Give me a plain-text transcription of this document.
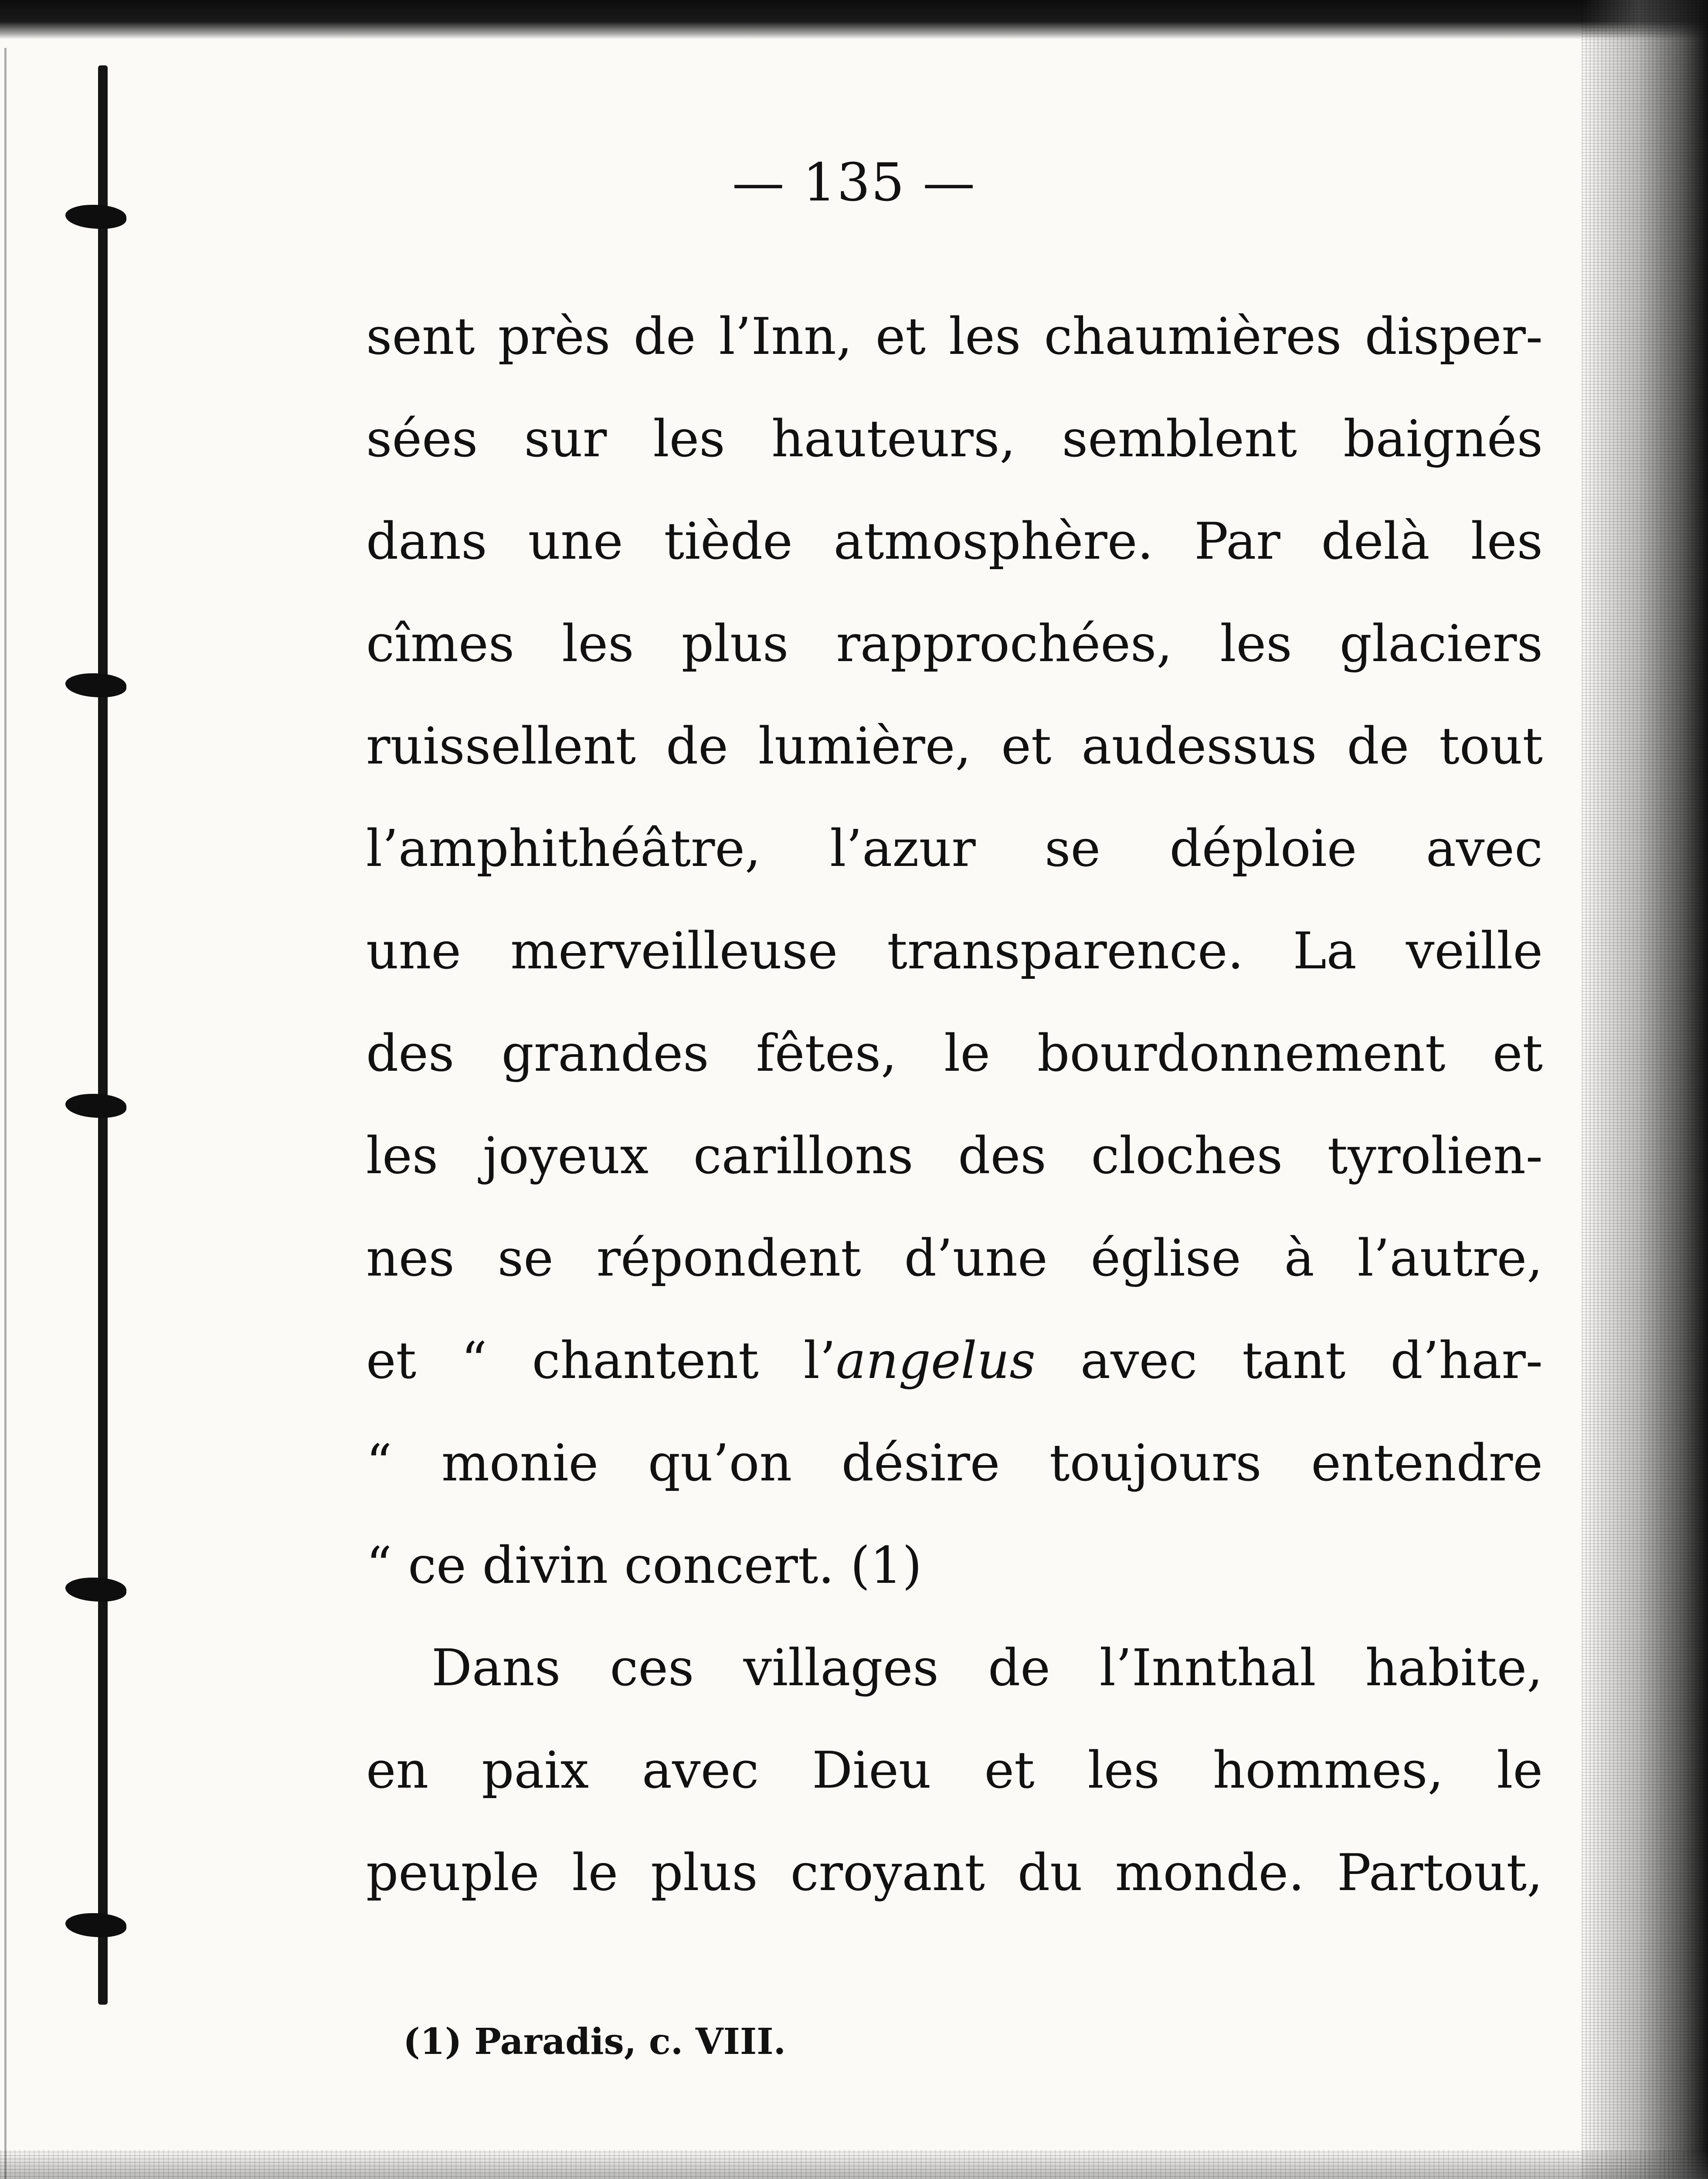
— 135 —

sent près de l’Inn, et les chaumières disper-
sées sur les hauteurs, semblent baignés
dans une tiède atmosphère. Par delà les
cîmes les plus rapprochées, les glaciers
ruissellent de lumière, et audessus de tout
l’amphithéâtre, l’azur se déploie avec
une merveilleuse transparence. La veille
des grandes fêtes, le bourdonnement et
les joyeux carillons des cloches tyrolien-
nes se répondent d’une église à l’autre,
et “ chantent l’angelus avec tant d’har-
“ monie qu’on désire toujours entendre
“ ce divin concert. (1)
Dans ces villages de l’Innthal habite,
en paix avec Dieu et les hommes, le
peuple le plus croyant du monde. Partout,

(1) Paradis, c. VIII.
